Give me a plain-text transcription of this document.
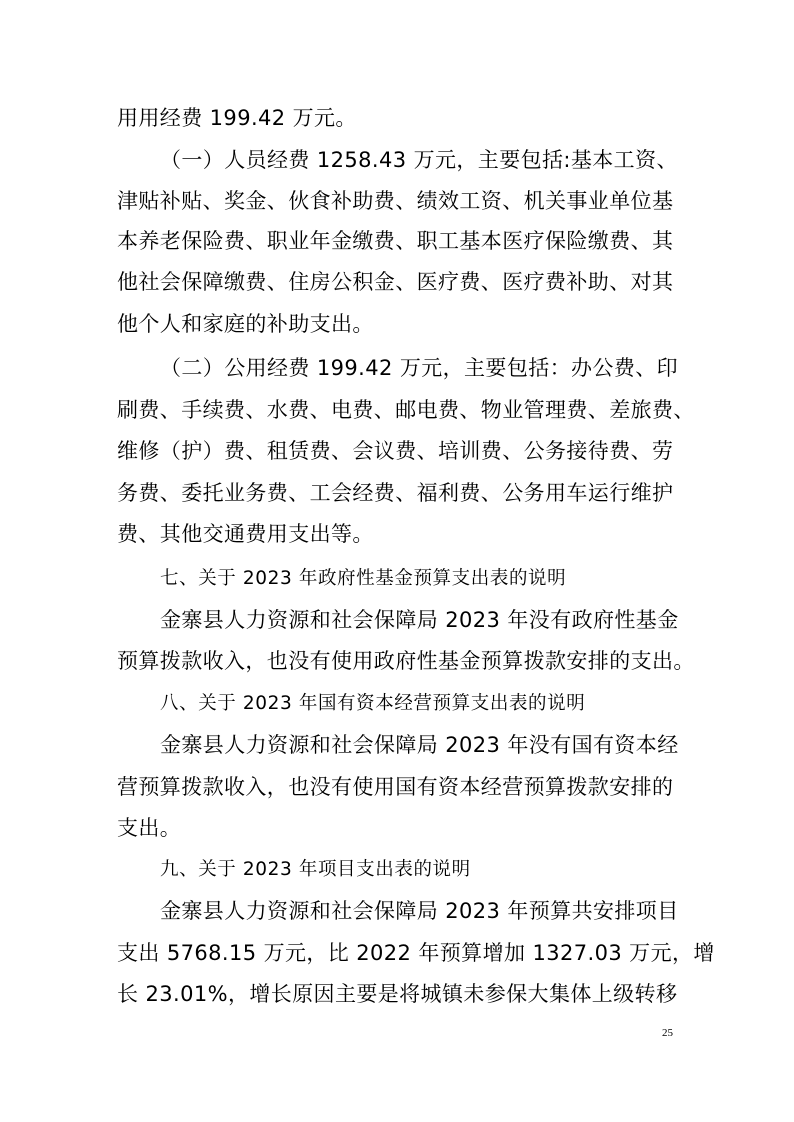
用用经费 199.42 万元。
（一）人员经费 1258.43 万元，主要包括:基本工资、
津贴补贴、奖金、伙食补助费、绩效工资、机关事业单位基
本养老保险费、职业年金缴费、职工基本医疗保险缴费、其
他社会保障缴费、住房公积金、医疗费、医疗费补助、对其
他个人和家庭的补助支出。
（二）公用经费 199.42 万元，主要包括：办公费、印
刷费、手续费、水费、电费、邮电费、物业管理费、差旅费、
维修（护）费、租赁费、会议费、培训费、公务接待费、劳
务费、委托业务费、工会经费、福利费、公务用车运行维护
费、其他交通费用支出等。
七、关于 2023 年政府性基金预算支出表的说明
金寨县人力资源和社会保障局 2023 年没有政府性基金
预算拨款收入，也没有使用政府性基金预算拨款安排的支出。
八、关于 2023 年国有资本经营预算支出表的说明
金寨县人力资源和社会保障局 2023 年没有国有资本经
营预算拨款收入，也没有使用国有资本经营预算拨款安排的
支出。
九、关于 2023 年项目支出表的说明
金寨县人力资源和社会保障局 2023 年预算共安排项目
支出 5768.15 万元，比 2022 年预算增加 1327.03 万元，增
长 23.01%，增长原因主要是将城镇未参保大集体上级转移
25
